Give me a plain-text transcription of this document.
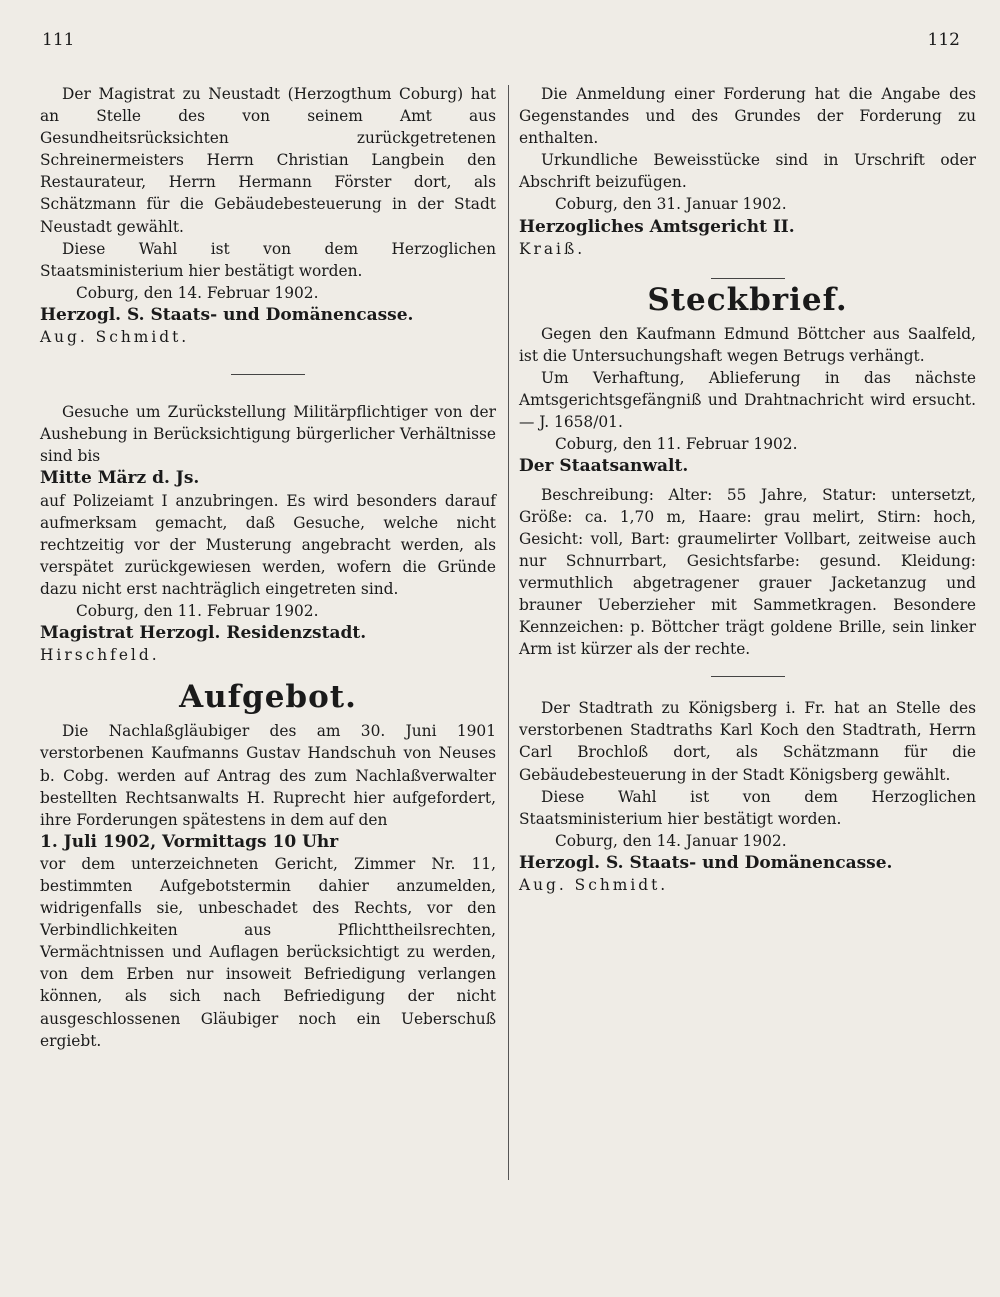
111	112

Der Magistrat zu Neustadt (Herzogthum Coburg) hat an Stelle des von seinem Amt aus Gesundheitsrücksichten zurückgetretenen Schreinermeisters Herrn Christian Langbein den Restaurateur, Herrn Hermann Förster dort, als Schätzmann für die Gebäudebesteuerung in der Stadt Neustadt gewählt.

Diese Wahl ist von dem Herzoglichen Staatsministerium hier bestätigt worden.

Coburg, den 14. Februar 1902.

Herzogl. S. Staats- und Domänencasse.

Aug. Schmidt.

Gesuche um Zurückstellung Militärpflichtiger von der Aushebung in Berücksichtigung bürgerlicher Verhältnisse sind bis

Mitte März d. Js.

auf Polizeiamt I anzubringen. Es wird besonders darauf aufmerksam gemacht, daß Gesuche, welche nicht rechtzeitig vor der Musterung angebracht werden, als verspätet zurückgewiesen werden, wofern die Gründe dazu nicht erst nachträglich eingetreten sind.

Coburg, den 11. Februar 1902.

Magistrat Herzogl. Residenzstadt.

Hirschfeld.

Aufgebot.

Die Nachlaßgläubiger des am 30. Juni 1901 verstorbenen Kaufmanns Gustav Handschuh von Neuses b. Cobg. werden auf Antrag des zum Nachlaßverwalter bestellten Rechtsanwalts H. Ruprecht hier aufgefordert, ihre Forderungen spätestens in dem auf den

1. Juli 1902, Vormittags 10 Uhr

vor dem unterzeichneten Gericht, Zimmer Nr. 11, bestimmten Aufgebotstermin dahier anzumelden, widrigenfalls sie, unbeschadet des Rechts, vor den Verbindlichkeiten aus Pflichttheilsrechten, Vermächtnissen und Auflagen berücksichtigt zu werden, von dem Erben nur insoweit Befriedigung verlangen können, als sich nach Befriedigung der nicht ausgeschlossenen Gläubiger noch ein Ueberschuß ergiebt.

Die Anmeldung einer Forderung hat die Angabe des Gegenstandes und des Grundes der Forderung zu enthalten.

Urkundliche Beweisstücke sind in Urschrift oder Abschrift beizufügen.

Coburg, den 31. Januar 1902.

Herzogliches Amtsgericht II.

Kraiß.

Steckbrief.

Gegen den Kaufmann Edmund Böttcher aus Saalfeld, ist die Untersuchungshaft wegen Betrugs verhängt.

Um Verhaftung, Ablieferung in das nächste Amtsgerichtsgefängniß und Drahtnachricht wird ersucht. — J. 1658/01.

Coburg, den 11. Februar 1902.

Der Staatsanwalt.

Beschreibung: Alter: 55 Jahre, Statur: untersetzt, Größe: ca. 1,70 m, Haare: grau melirt, Stirn: hoch, Gesicht: voll, Bart: graumelirter Vollbart, zeitweise auch nur Schnurrbart, Gesichtsfarbe: gesund. Kleidung: vermuthlich abgetragener grauer Jacketanzug und brauner Ueberzieher mit Sammetkragen. Besondere Kennzeichen: p. Böttcher trägt goldene Brille, sein linker Arm ist kürzer als der rechte.

Der Stadtrath zu Königsberg i. Fr. hat an Stelle des verstorbenen Stadtraths Karl Koch den Stadtrath, Herrn Carl Brochloß dort, als Schätzmann für die Gebäudebesteuerung in der Stadt Königsberg gewählt.

Diese Wahl ist von dem Herzoglichen Staatsministerium hier bestätigt worden.

Coburg, den 14. Januar 1902.

Herzogl. S. Staats- und Domänencasse.

Aug. Schmidt.
